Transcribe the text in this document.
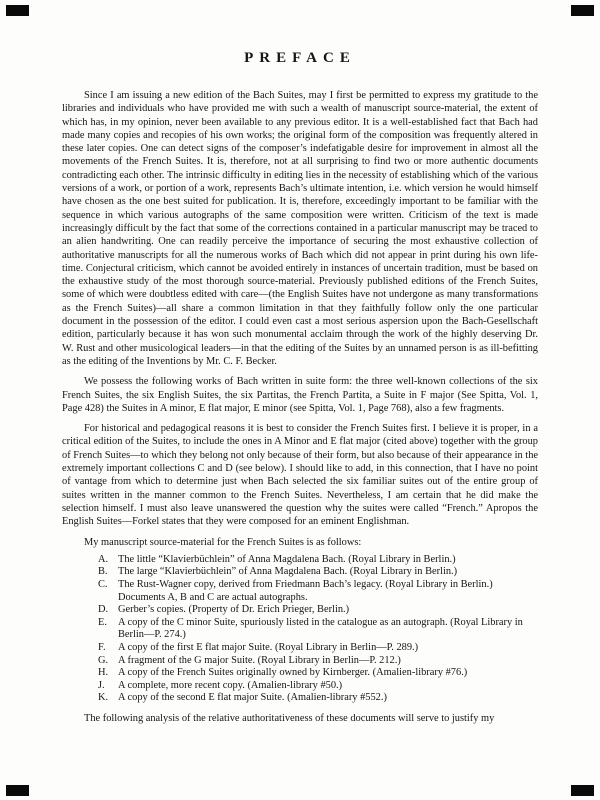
PREFACE

Since I am issuing a new edition of the Bach Suites, may I first be permitted to express my gratitude to the libraries and individuals who have provided me with such a wealth of manuscript source-material, the extent of which has, in my opinion, never been available to any previous editor. It is a well-established fact that Bach had made many copies and recopies of his own works; the original form of the composition was frequently altered in these later copies. One can detect signs of the composer’s indefatigable desire for improvement in almost all the movements of the French Suites. It is, therefore, not at all surprising to find two or more authentic documents contradicting each other. The intrinsic difficulty in editing lies in the necessity of establishing which of the various versions of a work, or portion of a work, represents Bach’s ultimate intention, i.e. which version he would himself have chosen as the one best suited for publication. It is, therefore, exceedingly important to be familiar with the sequence in which various autographs of the same composition were written. Criticism of the text is made increasingly difficult by the fact that some of the corrections contained in a particular manuscript may be traced to an alien handwriting. One can readily perceive the importance of securing the most exhaustive collection of authoritative manuscripts for all the numerous works of Bach which did not appear in print during his own life-time. Conjectural criticism, which cannot be avoided entirely in instances of uncertain tradition, must be based on the exhaustive study of the most thorough source-material. Previously published editions of the French Suites, some of which were doubtless edited with care—(the English Suites have not undergone as many transformations as the French Suites)—all share a common limitation in that they faithfully follow only the one particular document in the possession of the editor. I could even cast a most serious aspersion upon the Bach-Gesellschaft edition, particularly because it has won such monumental acclaim through the work of the highly deserving Dr. W. Rust and other musicological leaders—in that the editing of the Suites by an unnamed person is as ill-befitting as the editing of the Inventions by Mr. C. F. Becker.

We possess the following works of Bach written in suite form: the three well-known collections of the six French Suites, the six English Suites, the six Partitas, the French Partita, a Suite in F major (See Spitta, Vol. 1, Page 428) the Suites in A minor, E flat major, E minor (see Spitta, Vol. 1, Page 768), also a few fragments.

For historical and pedagogical reasons it is best to consider the French Suites first. I believe it is proper, in a critical edition of the Suites, to include the ones in A Minor and E flat major (cited above) together with the group of French Suites—to which they belong not only because of their form, but also because of their appearance in the extremely important collections C and D (see below). I should like to add, in this connection, that I have no point of vantage from which to determine just when Bach selected the six familiar suites out of the entire group of suites written in the manner common to the French Suites. Nevertheless, I am certain that he did make the selection himself. I must also leave unanswered the question why the suites were called “French.” Apropos the English Suites—Forkel states that they were composed for an eminent Englishman.

My manuscript source-material for the French Suites is as follows:

A. The little “Klavierbüchlein” of Anna Magdalena Bach. (Royal Library in Berlin.)
B.	The large “Klavierbüchlein” of Anna Magdalena Bach. (Royal Library in Berlin.)
C.	The Rust-Wagner copy, derived from Friedmann Bach’s legacy. (Royal Library in Berlin.)
Documents A, B and C are actual autographs.
D. Gerber’s copies. (Property of Dr. Erich Prieger, Berlin.)
E.	A copy of the C minor Suite, spuriously listed in the catalogue as an autograph. (Royal Library in Berlin—P. 274.)
F.	A copy of the first E flat major Suite. (Royal Library in Berlin—P. 289.)
G. A fragment of the G major Suite. (Royal Library in Berlin—P. 212.)
H. A copy of the French Suites originally owned by Kirnberger. (Amalien-library #76.)
J.	A complete, more recent copy. (Amalien-library #50.)
K. A copy of the second E flat major Suite. (Amalien-library #552.)

The following analysis of the relative authoritativeness of these documents will serve to justify my
